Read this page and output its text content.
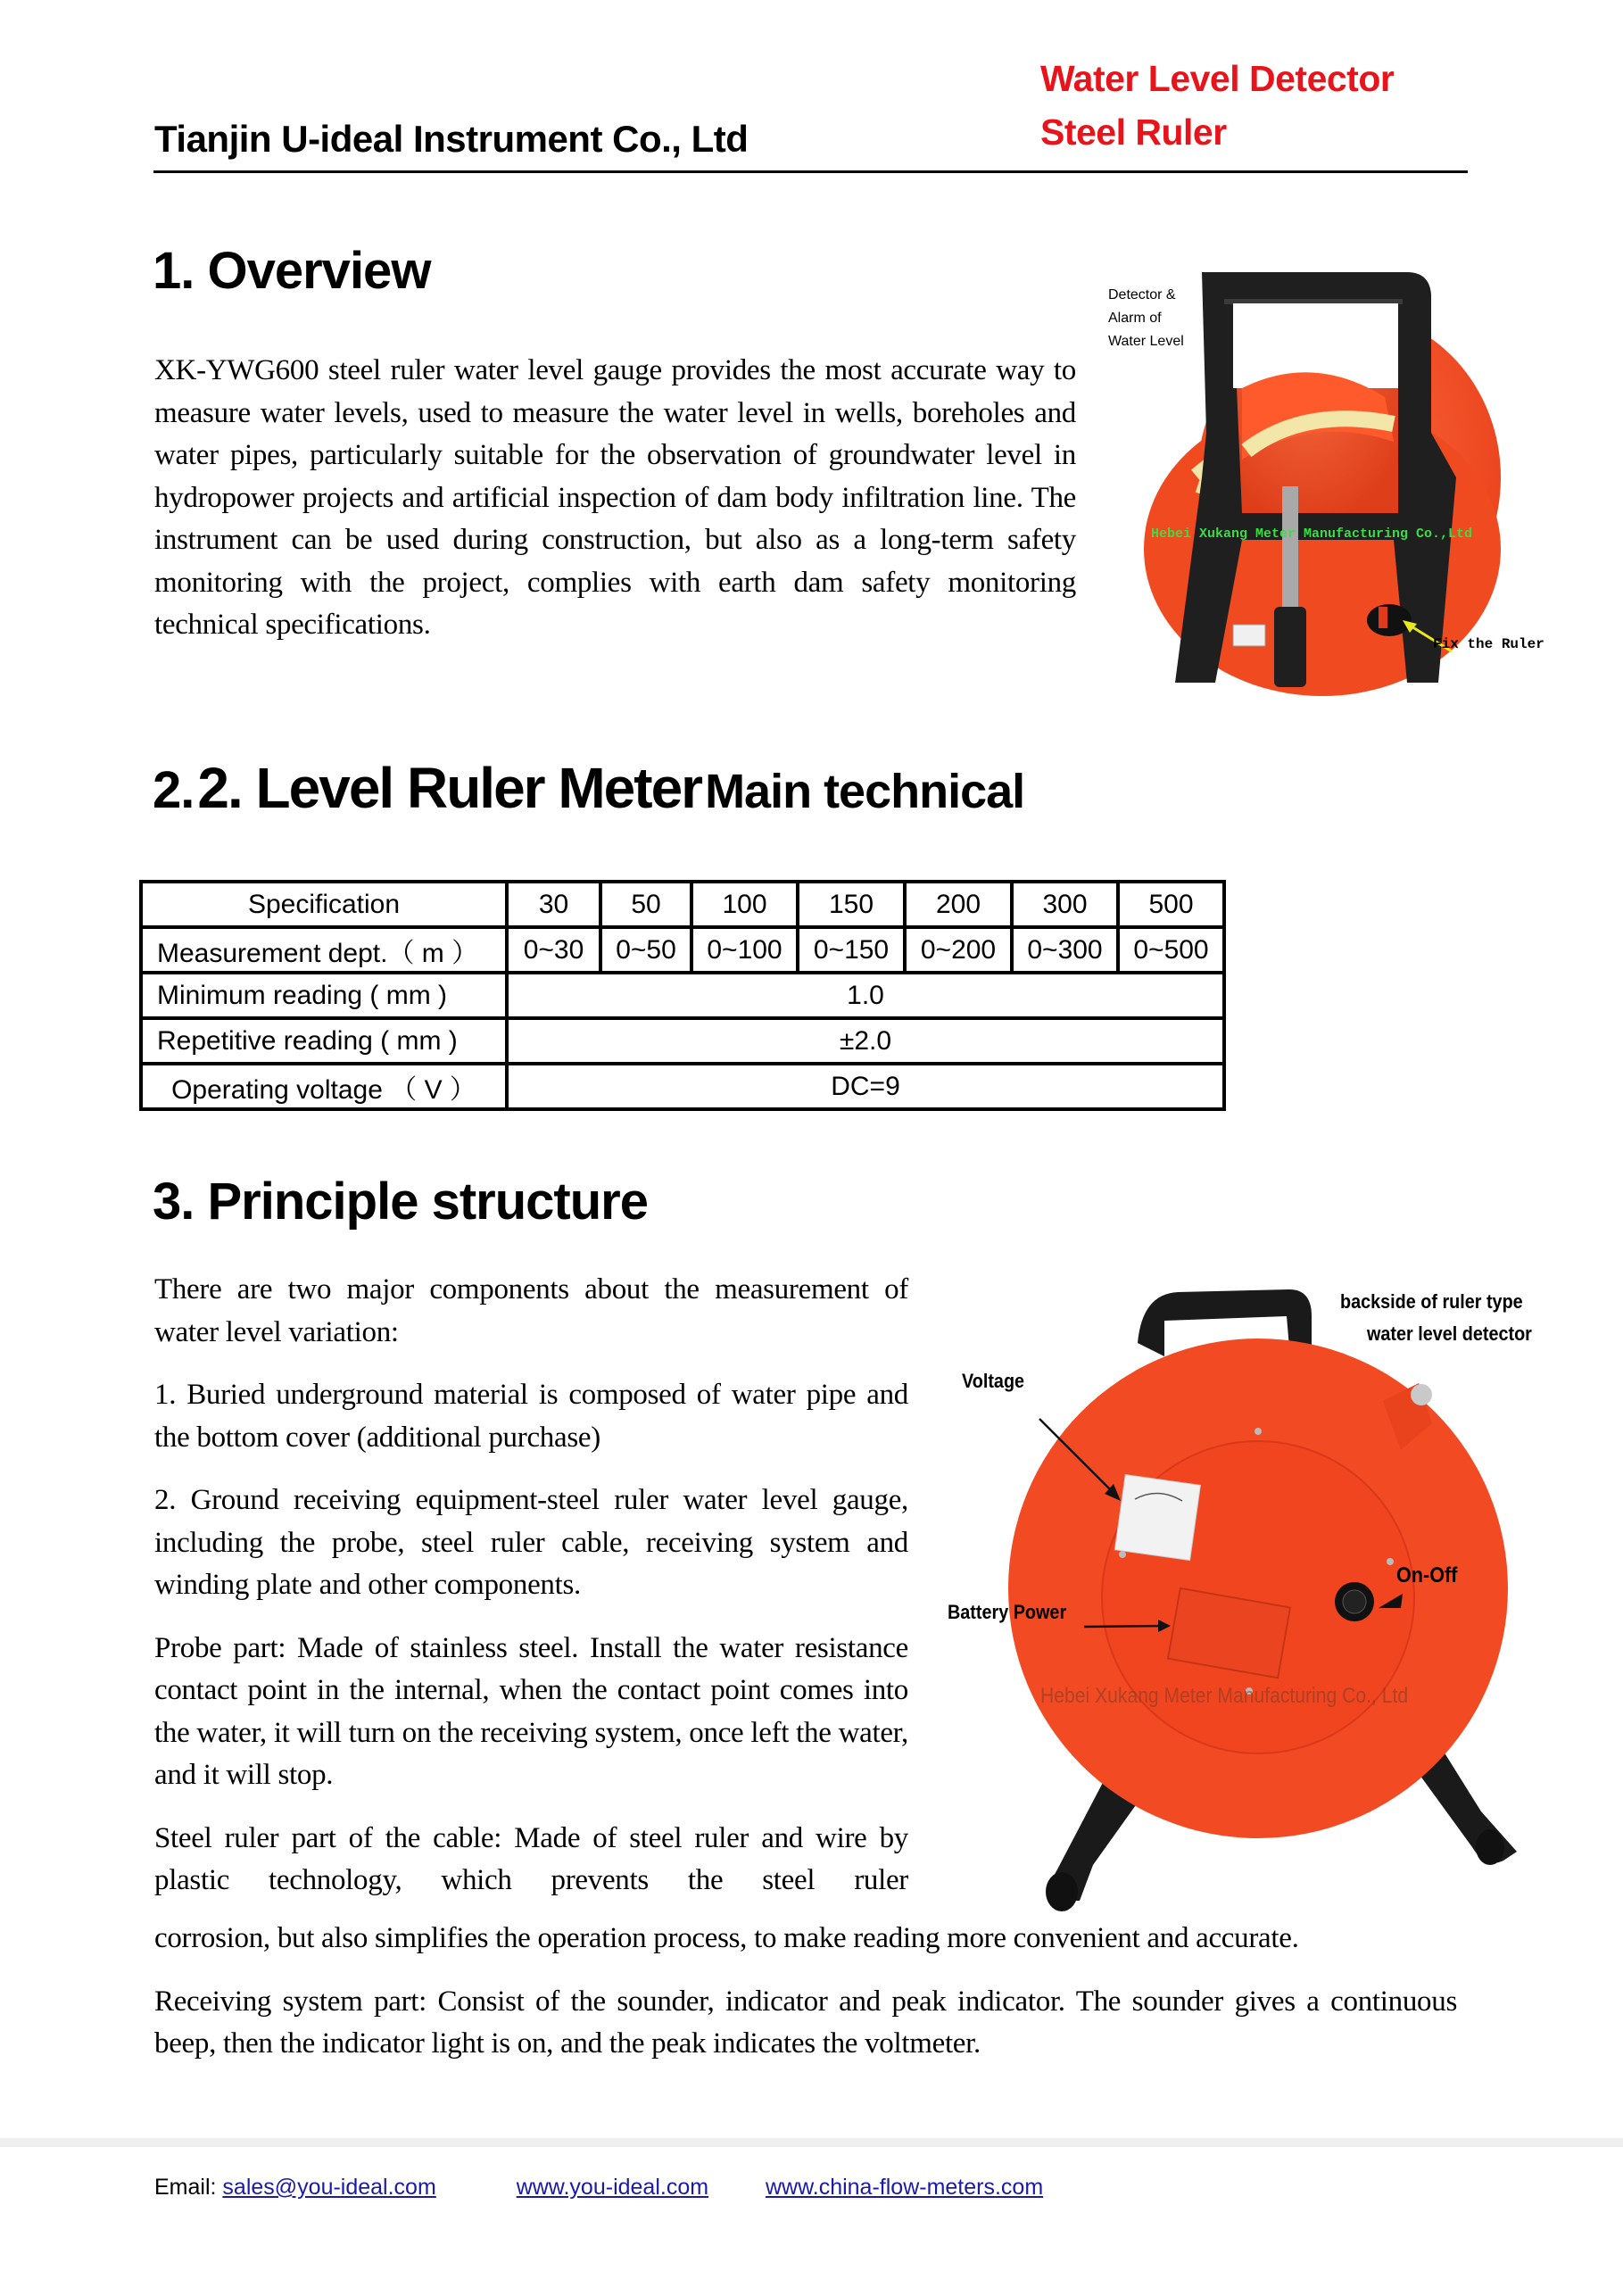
Tianjin U-ideal Instrument Co., Ltd
Water Level Detector
Steel Ruler
1. Overview

XK-YWG600 steel ruler water level gauge provides the most accurate way to measure water levels, used to measure the water level in wells, boreholes and water pipes, particularly suitable for the observation of groundwater level in hydropower projects and artificial inspection of dam body infiltration line. The instrument can be used during construction, but also as a long-term safety monitoring with the project, complies with earth dam safety monitoring technical specifications.

Detector &
Alarm of
Water Level
Hebei Xukang Meter Manufacturing Co.,Ltd
Fix the Ruler
2. 2. Level Ruler Meter Main technical
Specification	30	50	100	150	200	300	500
Measurement dept.（ m ）	0~30	0~50	0~100	0~150	0~200	0~300	0~500
Minimum reading ( mm )	1.0						
Repetitive reading ( mm )	±2.0						
Operating voltage （ V ）	DC=9						
3. Principle structure

There are two major components about the measurement of water level variation:

1. Buried underground material is composed of water pipe and the bottom cover (additional purchase)

2. Ground receiving equipment-steel ruler water level gauge, including the probe, steel ruler cable, receiving system and winding plate and other components.

Probe part: Made of stainless steel. Install the water resistance contact point in the internal, when the contact point comes into the water, it will turn on the receiving system, once left the water, and it will stop.

Steel ruler part of the cable: Made of steel ruler and wire by plastic technology, which prevents the steel ruler

corrosion, but also simplifies the operation process, to make reading more convenient and accurate.

Receiving system part: Consist of the sounder, indicator and peak indicator. The sounder gives a continuous beep, then the indicator light is on, and the peak indicates the voltmeter.

backside of ruler type
water level detector
Voltage
Battery Power
On-Off
Hebei Xukang Meter Manufacturing Co., Ltd
Email: sales@you-ideal.com	www.you-ideal.com	www.china-flow-meters.com
